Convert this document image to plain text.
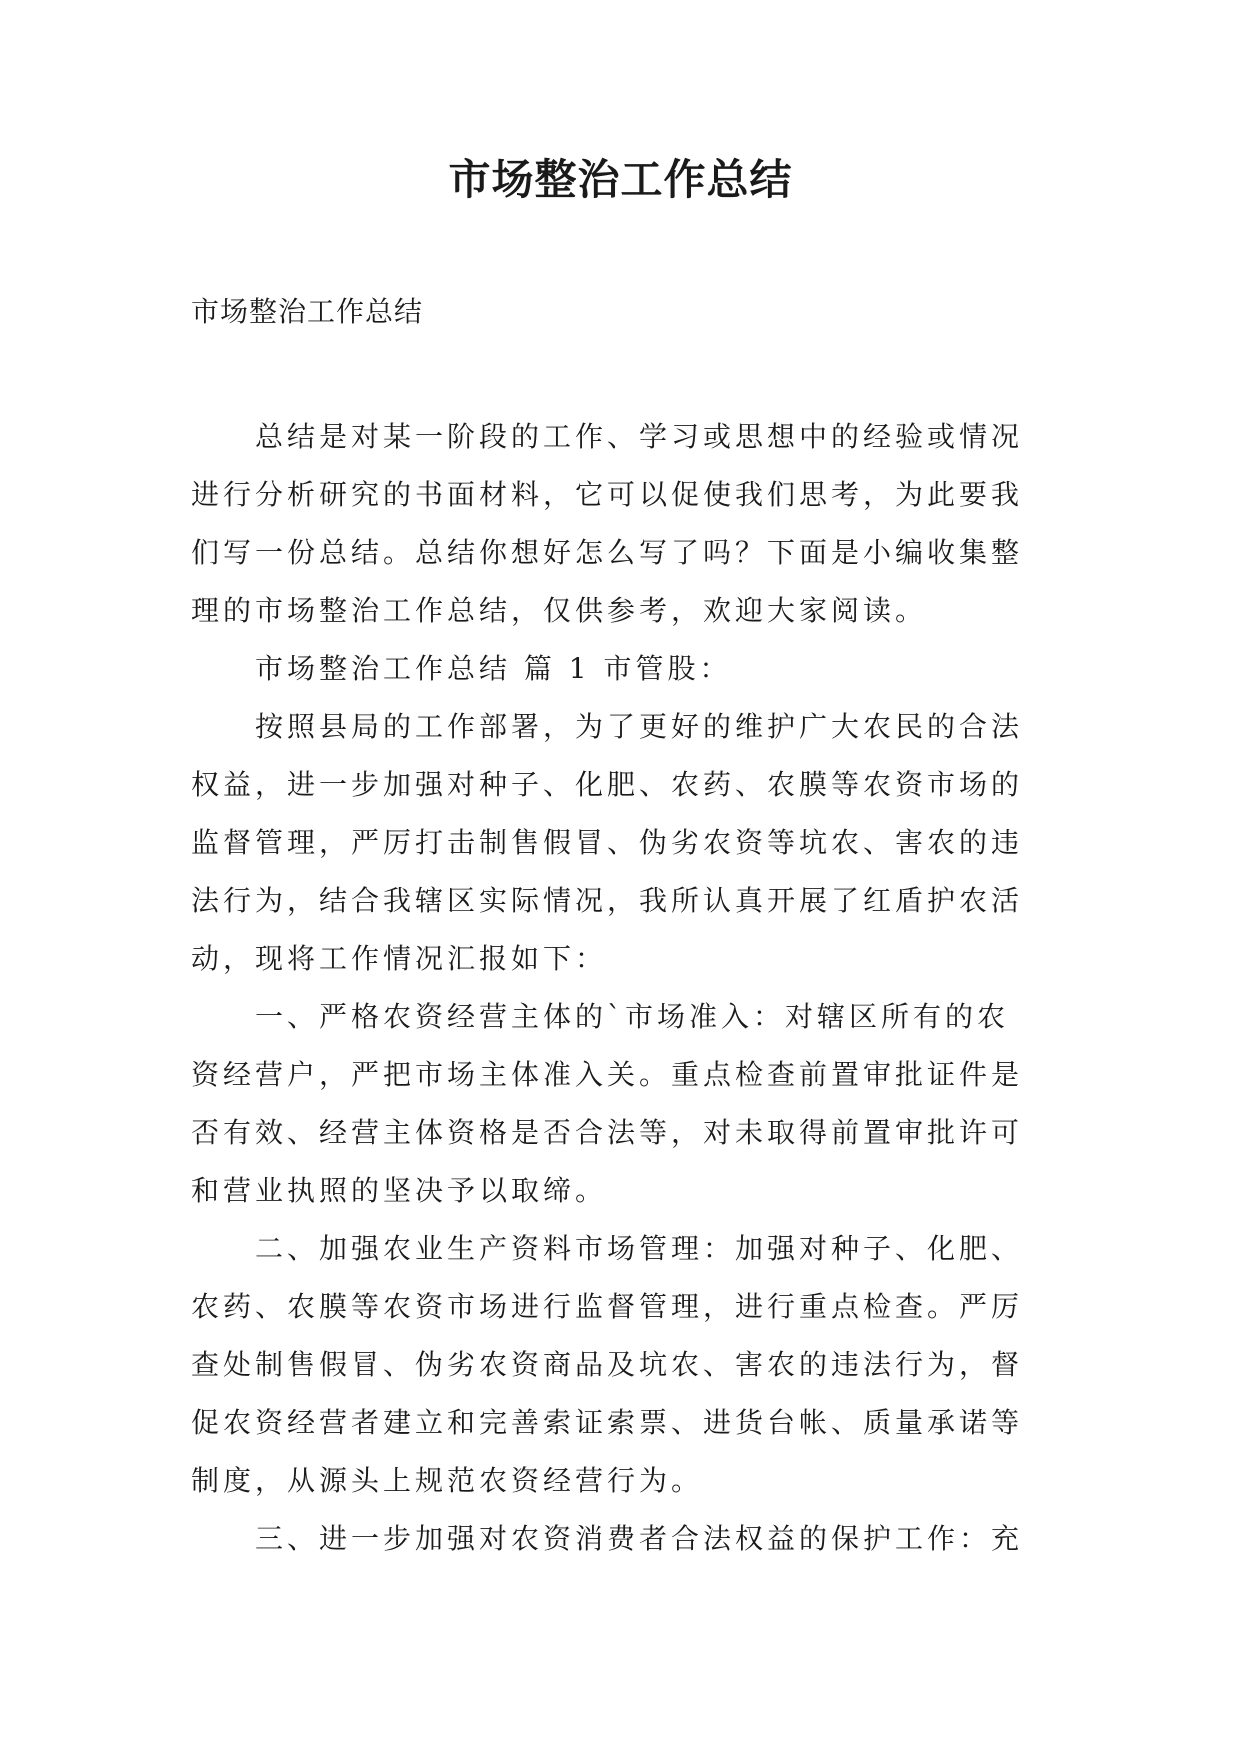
市场整治工作总结

市场整治工作总结

总结是对某一阶段的工作、学习或思想中的经验或情况
进行分析研究的书面材料，它可以促使我们思考，为此要我
们写一份总结。总结你想好怎么写了吗？下面是小编收集整
理的市场整治工作总结，仅供参考，欢迎大家阅读。

市场整治工作总结 篇 1 市管股：

按照县局的工作部署，为了更好的维护广大农民的合法
权益，进一步加强对种子、化肥、农药、农膜等农资市场的
监督管理，严厉打击制售假冒、伪劣农资等坑农、害农的违
法行为，结合我辖区实际情况，我所认真开展了红盾护农活
动，现将工作情况汇报如下：

一、严格农资经营主体的`市场准入：对辖区所有的农
资经营户，严把市场主体准入关。重点检查前置审批证件是
否有效、经营主体资格是否合法等，对未取得前置审批许可
和营业执照的坚决予以取缔。

二、加强农业生产资料市场管理：加强对种子、化肥、
农药、农膜等农资市场进行监督管理，进行重点检查。严厉
查处制售假冒、伪劣农资商品及坑农、害农的违法行为，督
促农资经营者建立和完善索证索票、进货台帐、质量承诺等
制度，从源头上规范农资经营行为。

三、进一步加强对农资消费者合法权益的保护工作：充
